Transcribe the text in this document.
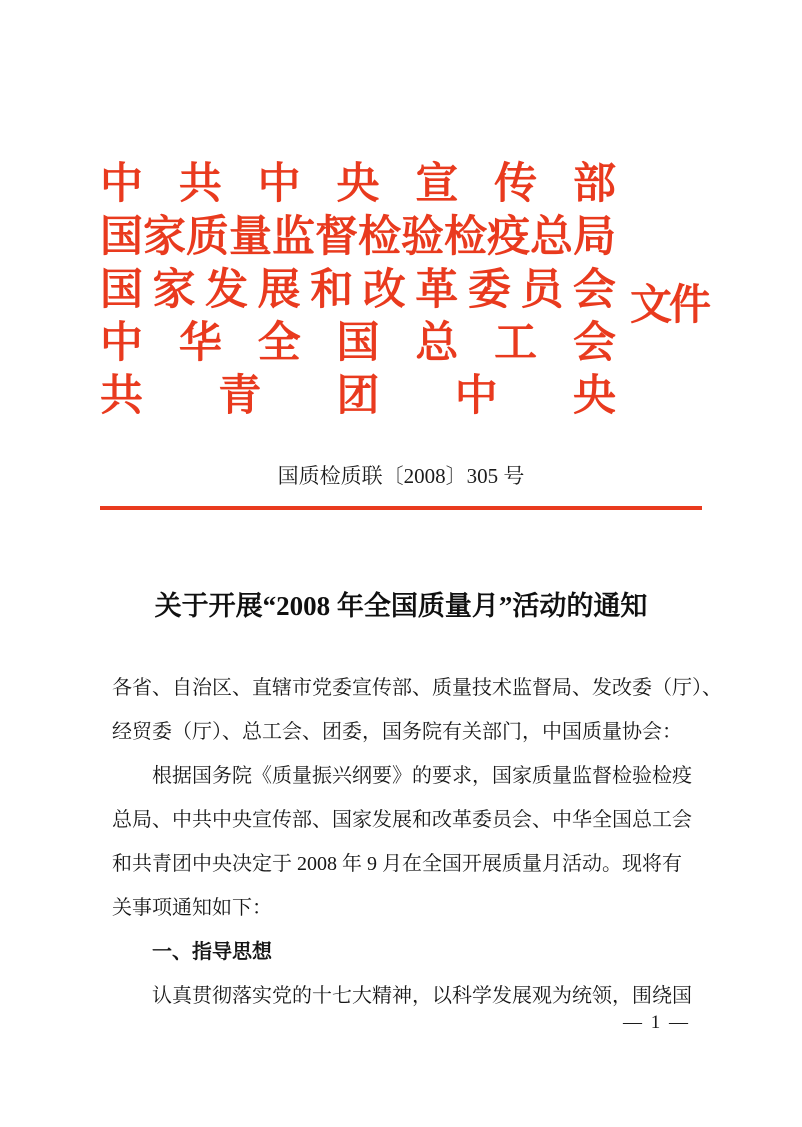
中 共 中 央 宣 传 部
国 家 质 量 监 督 检 验 检 疫 总 局
国 家 发 展 和 改 革 委 员 会
中 华 全 国 总 工 会
共 青 团 中 央
文件
国质检质联〔2008〕305 号
关于开展“2008 年全国质量月”活动的通知
各省、自治区、直辖市党委宣传部、质量技术监督局、发改委（厅）、
经贸委（厅）、总工会、团委，国务院有关部门，中国质量协会：
根据国务院《质量振兴纲要》的要求，国家质量监督检验检疫
总局、中共中央宣传部、国家发展和改革委员会、中华全国总工会
和共青团中央决定于 2008 年 9 月在全国开展质量月活动。现将有
关事项通知如下：
一、指导思想
认真贯彻落实党的十七大精神，以科学发展观为统领，围绕国
— 1 —
